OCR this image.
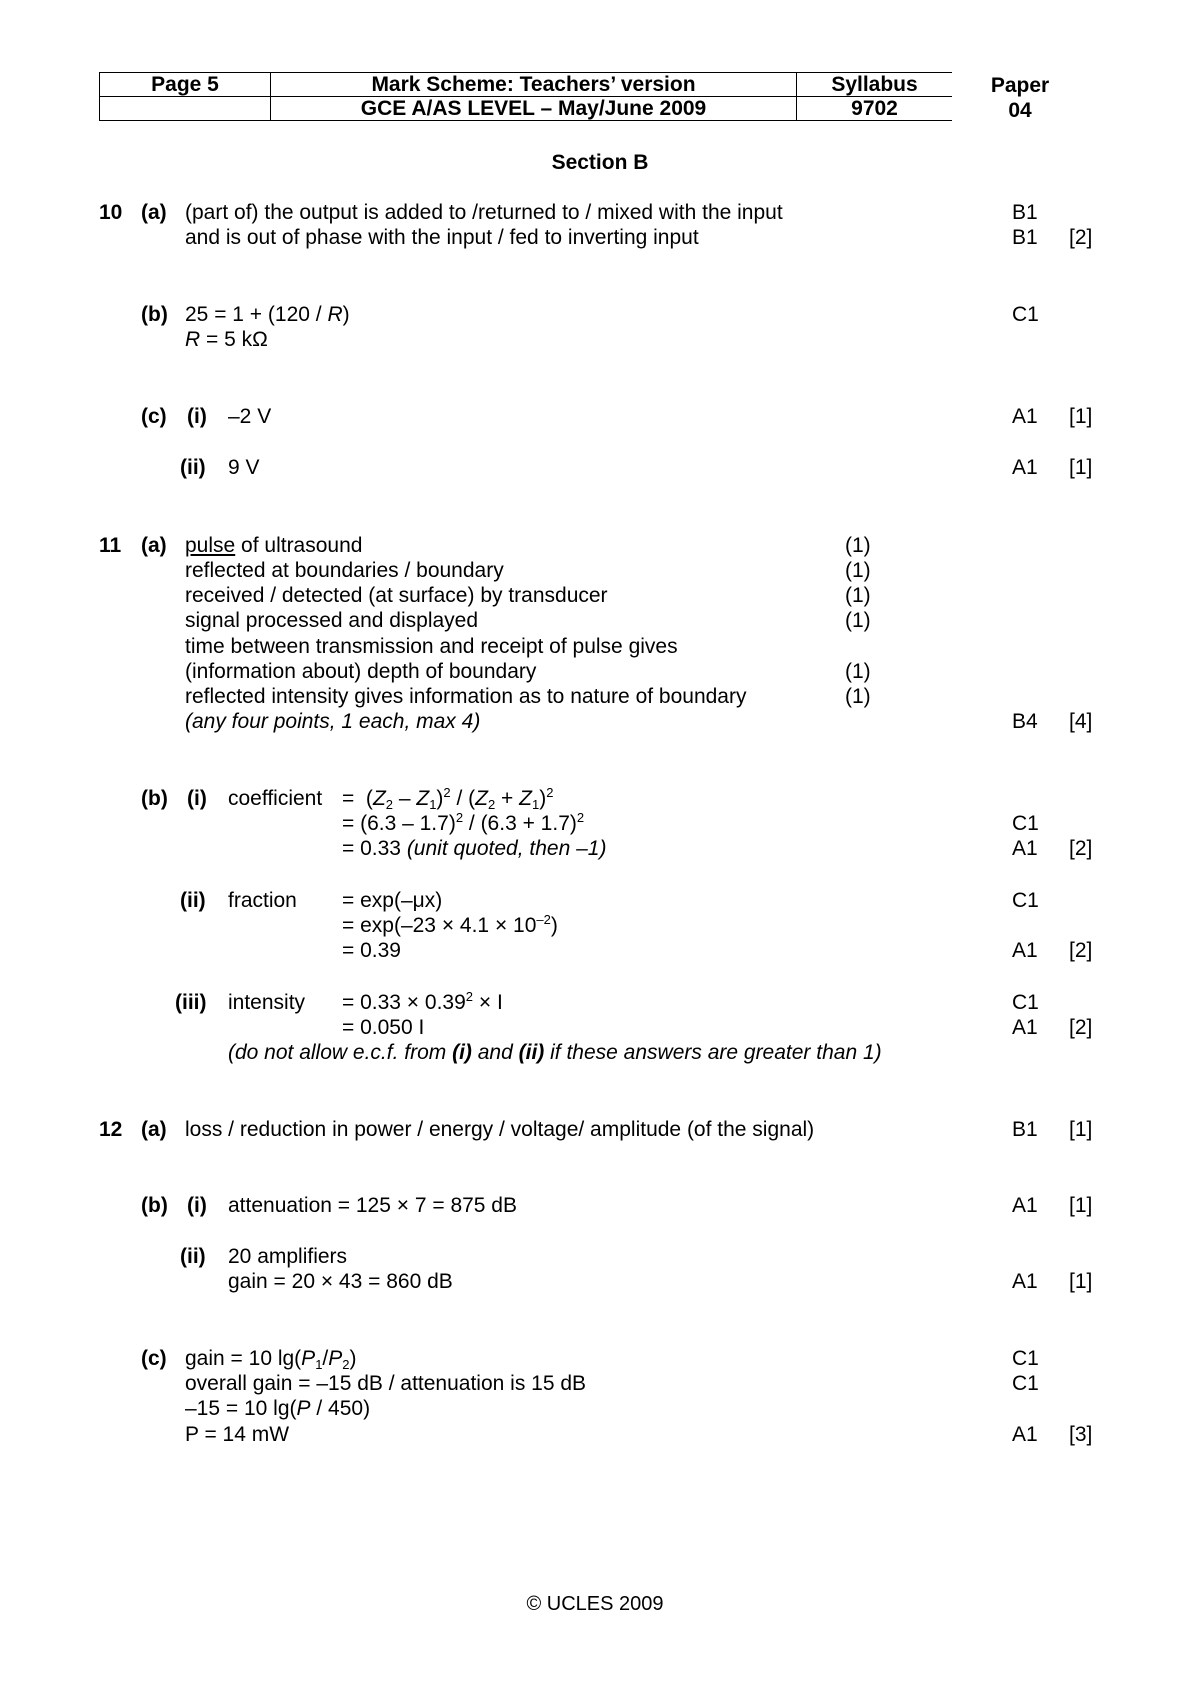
Page 5	Mark Scheme: Teachers’ version	Syllabus
	GCE A/AS LEVEL – May/June 2009	9702
Paper
04
Section B
10 (a) (part of) the output is added to /returned to / mixed with the input	B1
and is out of phase with the input / fed to inverting input	B1 [2]
(b) 25 = 1 + (120 / R)	C1
R = 5 kΩ
(c) (i) –2 V	A1 [1]
(ii) 9 V	A1 [1]
11 (a) pulse of ultrasound	(1)
reflected at boundaries / boundary	(1)
received / detected (at surface) by transducer	(1)
signal processed and displayed	(1)
time between transmission and receipt of pulse gives
(information about) depth of boundary	(1)
reflected intensity gives information as to nature of boundary	(1)
(any four points, 1 each, max 4)	B4 [4]
(b) (i) coefficient =  $(Z_2 - Z_1)^2 / (Z_2 + Z_1)^2$
= $(6.3 - 1.7)^2 / (6.3 + 1.7)^2$	C1
= 0.33 (unit quoted, then –1)	A1 [2]
(ii) fraction = exp(–μx)	C1
= $\exp(-23 \times 4.1 \times 10^{-2})$
= 0.39	A1 [2]
(iii) intensity = $0.33 \times 0.39^2 \times I$	C1
= 0.050 I	A1 [2]
(do not allow e.c.f. from (i) and (ii) if these answers are greater than 1)
12 (a) loss / reduction in power / energy / voltage/ amplitude (of the signal)	B1 [1]
(b) (i) attenuation = 125 × 7 = 875 dB	A1 [1]
(ii) 20 amplifiers
gain = 20 × 43 = 860 dB	A1 [1]
(c) gain = 10 $\lg(P_1/P_2)$	C1
overall gain = –15 dB / attenuation is 15 dB	C1
–15 = 10 lg(P / 450)
P = 14 mW	A1 [3]
© UCLES 2009
